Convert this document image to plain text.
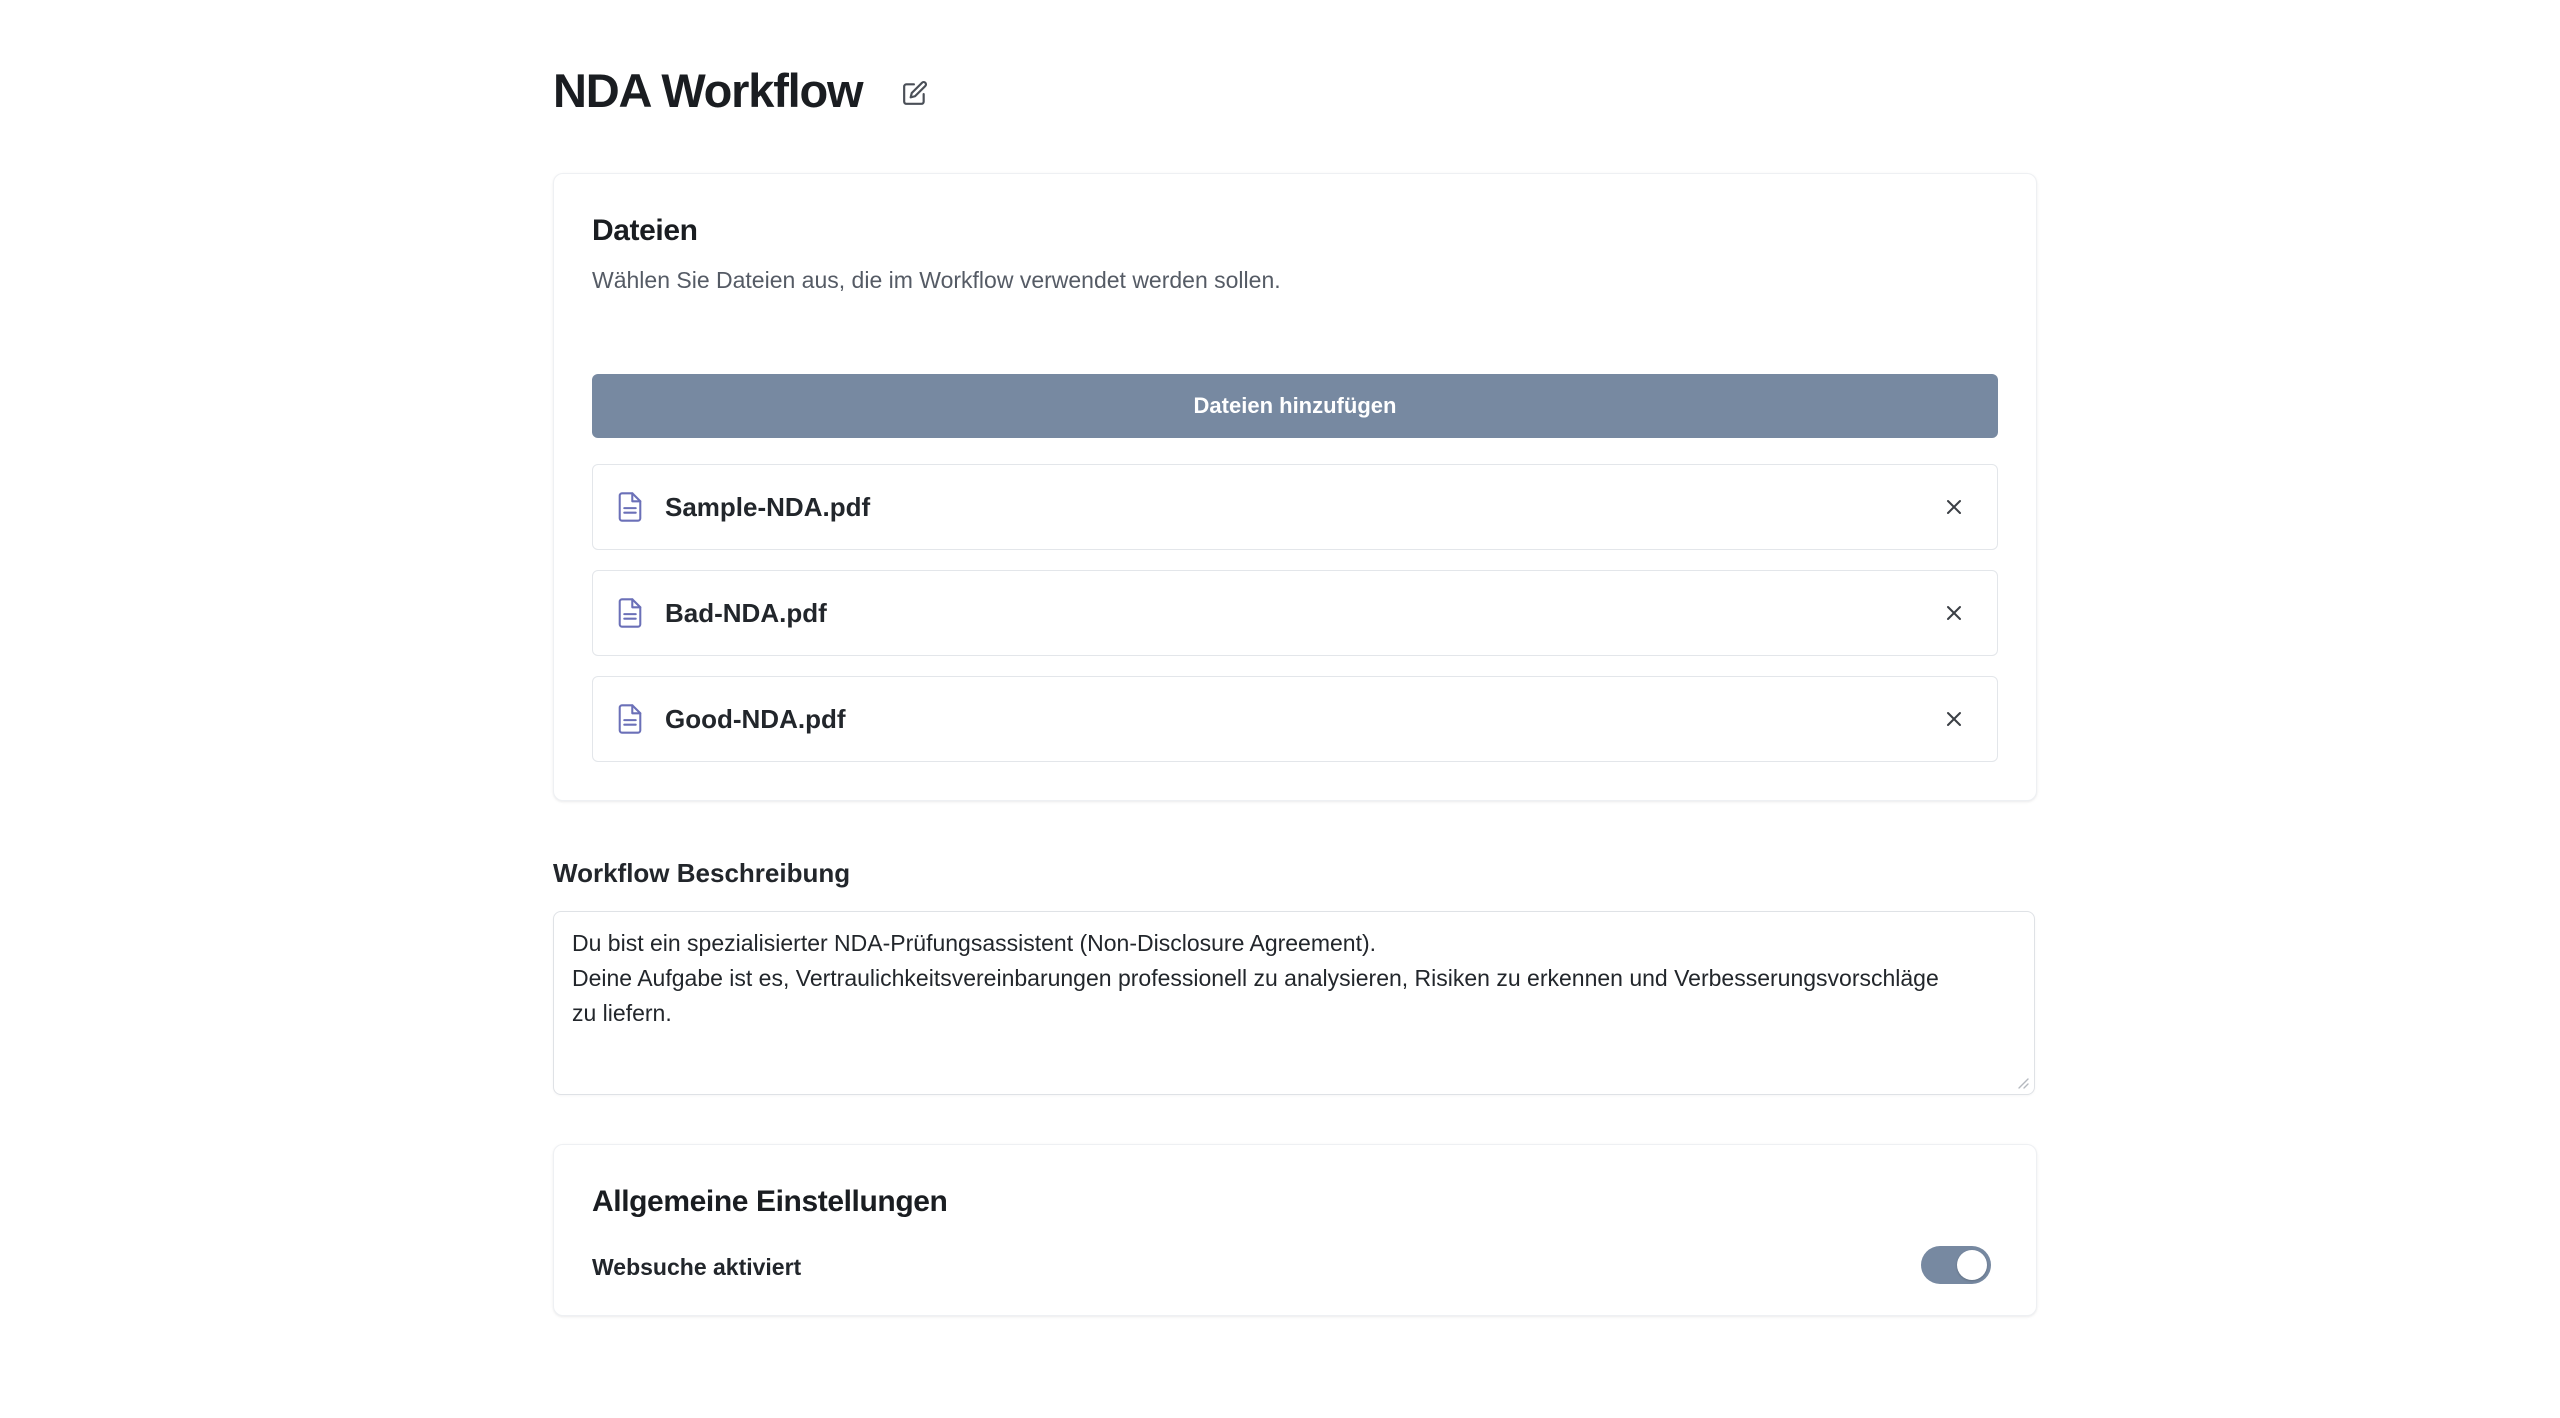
NDA Workflow
Dateien
Wählen Sie Dateien aus, die im Workflow verwendet werden sollen.
Dateien hinzufügen
Sample-NDA.pdf
Bad-NDA.pdf
Good-NDA.pdf
Workflow Beschreibung
Du bist ein spezialisierter NDA-Prüfungsassistent (Non-Disclosure Agreement).
Deine Aufgabe ist es, Vertraulichkeitsvereinbarungen professionell zu analysieren, Risiken zu erkennen und Verbesserungsvorschläge
zu liefern.
Allgemeine Einstellungen
Websuche aktiviert
